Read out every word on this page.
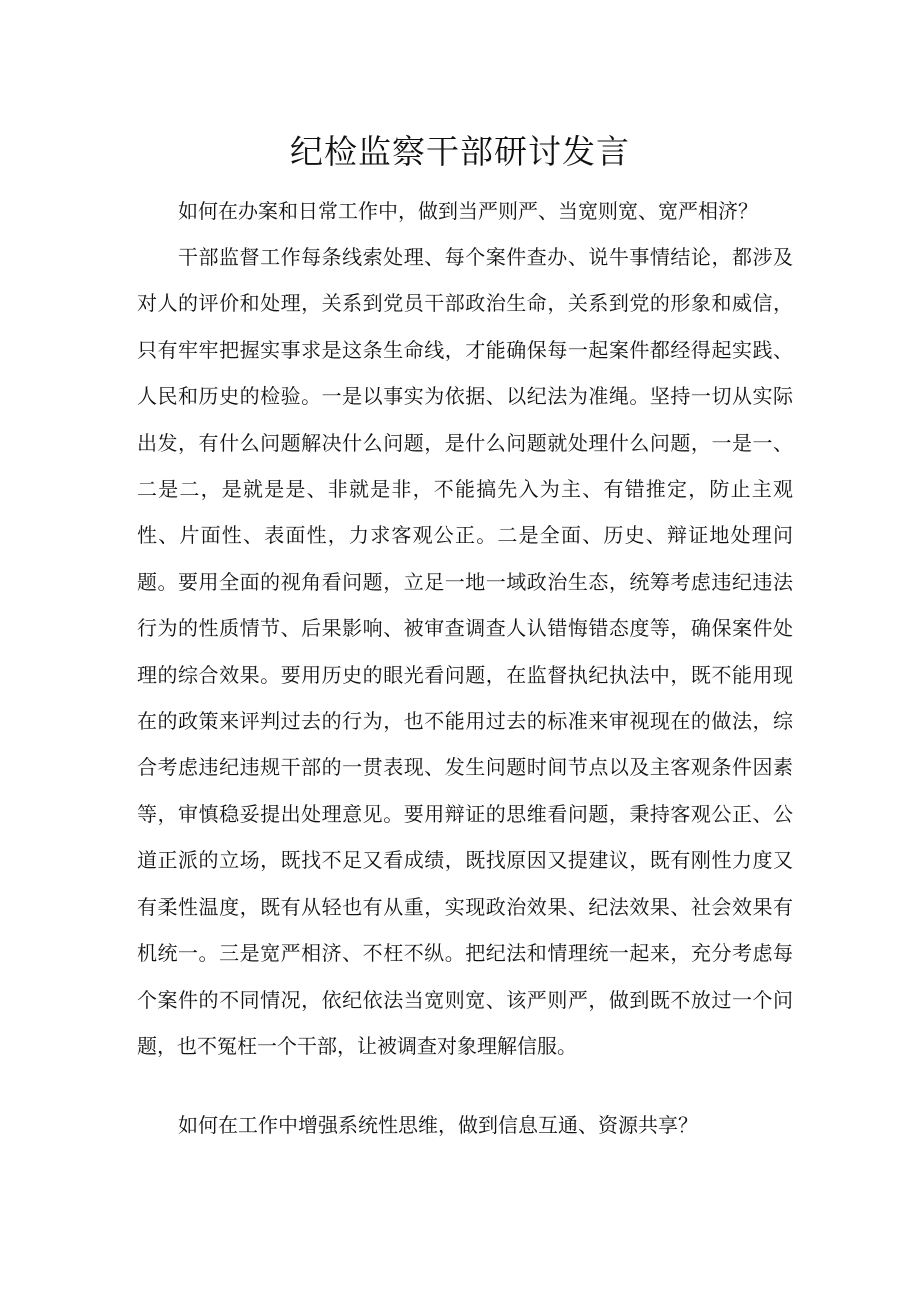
纪检监察干部研讨发言

如何在办案和日常工作中，做到当严则严、当宽则宽、宽严相济？

干部监督工作每条线索处理、每个案件查办、说牛事情结论，都涉及对人的评价和处理，关系到党员干部政治生命，关系到党的形象和威信，只有牢牢把握实事求是这条生命线，才能确保每一起案件都经得起实践、人民和历史的检验。一是以事实为依据、以纪法为准绳。坚持一切从实际出发，有什么问题解决什么问题，是什么问题就处理什么问题，一是一、二是二，是就是是、非就是非，不能搞先入为主、有错推定，防止主观性、片面性、表面性，力求客观公正。二是全面、历史、辩证地处理问题。要用全面的视角看问题，立足一地一域政治生态，统筹考虑违纪违法行为的性质情节、后果影响、被审查调查人认错悔错态度等，确保案件处理的综合效果。要用历史的眼光看问题，在监督执纪执法中，既不能用现在的政策来评判过去的行为，也不能用过去的标准来审视现在的做法，综合考虑违纪违规干部的一贯表现、发生问题时间节点以及主客观条件因素等，审慎稳妥提出处理意见。要用辩证的思维看问题，秉持客观公正、公道正派的立场，既找不足又看成绩，既找原因又提建议，既有刚性力度又有柔性温度，既有从轻也有从重，实现政治效果、纪法效果、社会效果有机统一。三是宽严相济、不枉不纵。把纪法和情理统一起来，充分考虑每个案件的不同情况，依纪依法当宽则宽、该严则严，做到既不放过一个问题，也不冤枉一个干部，让被调查对象理解信服。

如何在工作中增强系统性思维，做到信息互通、资源共享？
